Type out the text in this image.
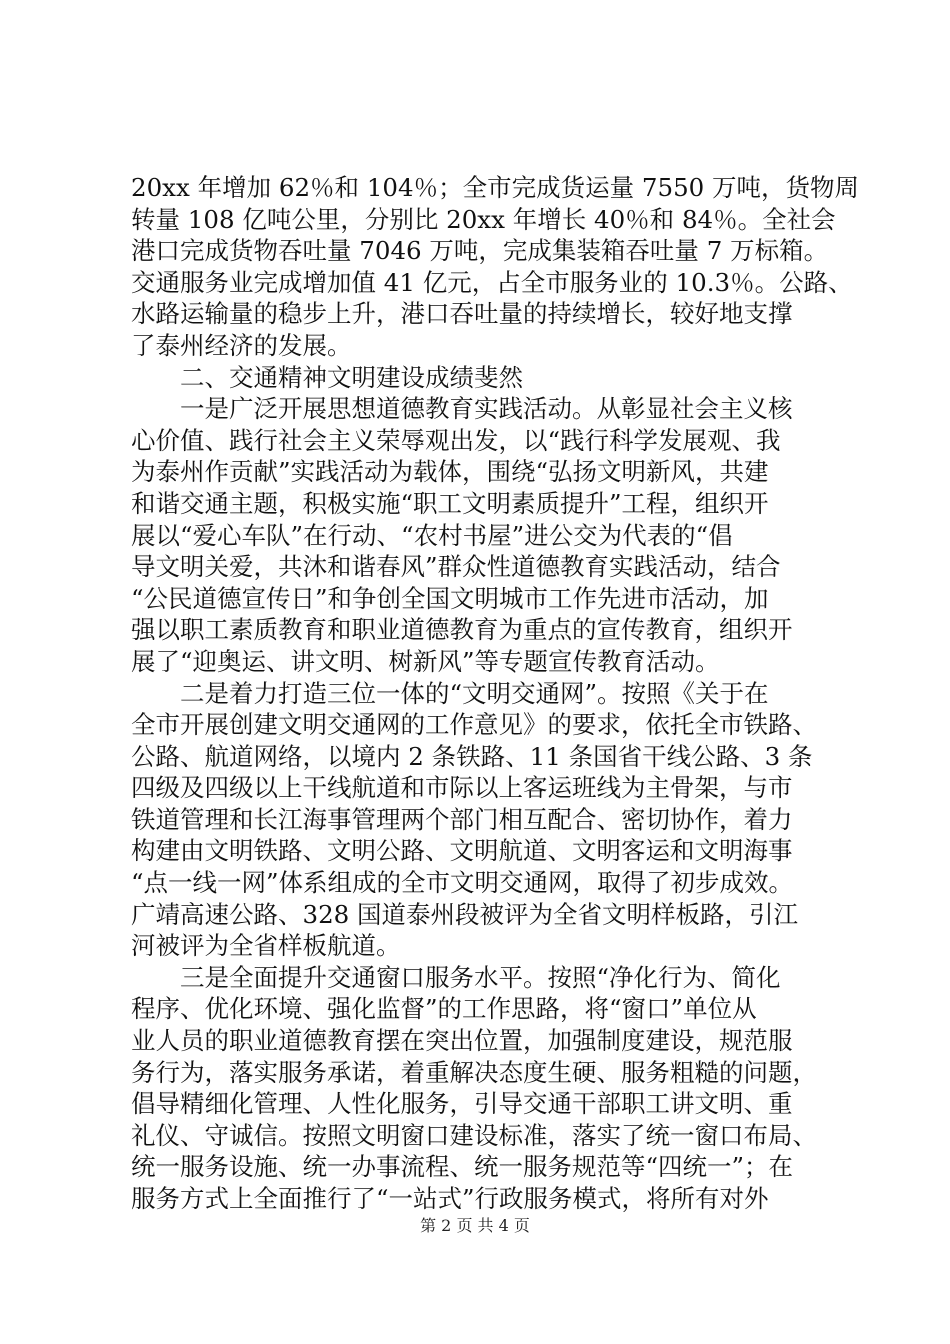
20xx 年增加 62％和 104％；全市完成货运量 7550 万吨，货物周
转量 108 亿吨公里，分别比 20xx 年增长 40％和 84％。全社会
港口完成货物吞吐量 7046 万吨，完成集装箱吞吐量 7 万标箱。
交通服务业完成增加值 41 亿元，占全市服务业的 10.3％。公路、
水路运输量的稳步上升，港口吞吐量的持续增长，较好地支撑
了泰州经济的发展。
　　二、交通精神文明建设成绩斐然
　　一是广泛开展思想道德教育实践活动。从彰显社会主义核
心价值、践行社会主义荣辱观出发，以“践行科学发展观、我
为泰州作贡献”实践活动为载体，围绕“弘扬文明新风，共建
和谐交通主题，积极实施“职工文明素质提升”工程，组织开
展以“爱心车队”在行动、“农村书屋”进公交为代表的“倡
导文明关爱，共沐和谐春风”群众性道德教育实践活动，结合
“公民道德宣传日”和争创全国文明城市工作先进市活动，加
强以职工素质教育和职业道德教育为重点的宣传教育，组织开
展了“迎奥运、讲文明、树新风”等专题宣传教育活动。
　　二是着力打造三位一体的“文明交通网”。按照《关于在
全市开展创建文明交通网的工作意见》的要求，依托全市铁路、
公路、航道网络，以境内 2 条铁路、11 条国省干线公路、3 条
四级及四级以上干线航道和市际以上客运班线为主骨架，与市
铁道管理和长江海事管理两个部门相互配合、密切协作，着力
构建由文明铁路、文明公路、文明航道、文明客运和文明海事
“点一线一网”体系组成的全市文明交通网，取得了初步成效。
广靖高速公路、328 国道泰州段被评为全省文明样板路，引江
河被评为全省样板航道。
　　三是全面提升交通窗口服务水平。按照“净化行为、简化
程序、优化环境、强化监督”的工作思路，将“窗口”单位从
业人员的职业道德教育摆在突出位置，加强制度建设，规范服
务行为，落实服务承诺，着重解决态度生硬、服务粗糙的问题，
倡导精细化管理、人性化服务，引导交通干部职工讲文明、重
礼仪、守诚信。按照文明窗口建设标准，落实了统一窗口布局、
统一服务设施、统一办事流程、统一服务规范等“四统一”；在
服务方式上全面推行了“一站式”行政服务模式，将所有对外
第 2 页 共 4 页
